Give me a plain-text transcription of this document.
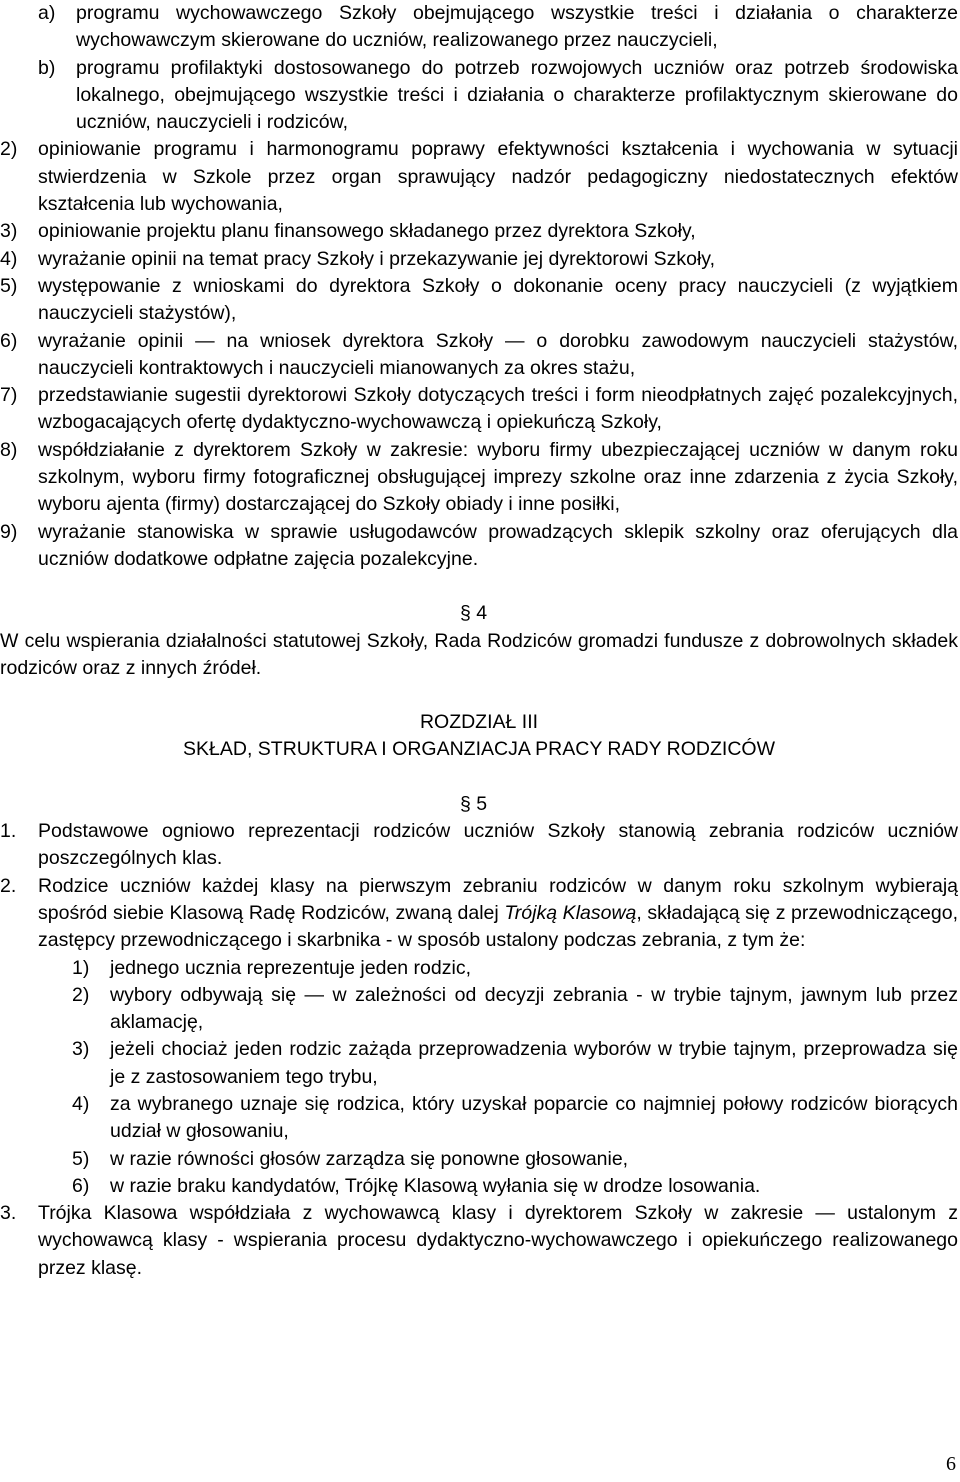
a) programu wychowawczego Szkoły obejmującego wszystkie treści i działania o charakterze wychowawczym skierowane do uczniów, realizowanego przez nauczycieli,

b) programu profilaktyki dostosowanego do potrzeb rozwojowych uczniów oraz potrzeb środowiska lokalnego, obejmującego wszystkie treści i działania o charakterze profilaktycznym skierowane do uczniów, nauczycieli i rodziców,

2) opiniowanie programu i harmonogramu poprawy efektywności kształcenia i wychowania w sytuacji stwierdzenia w Szkole przez organ sprawujący nadzór pedagogiczny niedostatecznych efektów kształcenia lub wychowania,

3) opiniowanie projektu planu finansowego składanego przez dyrektora Szkoły,

4) wyrażanie opinii na temat pracy Szkoły i przekazywanie jej dyrektorowi Szkoły,

5) występowanie z wnioskami do dyrektora Szkoły o dokonanie oceny pracy nauczycieli (z wyjątkiem nauczycieli stażystów),

6) wyrażanie opinii — na wniosek dyrektora Szkoły — o dorobku zawodowym nauczycieli stażystów, nauczycieli kontraktowych i nauczycieli mianowanych za okres stażu,

7) przedstawianie sugestii dyrektorowi Szkoły dotyczących treści i form nieodpłatnych zajęć pozalekcyjnych, wzbogacających ofertę dydaktyczno-wychowawczą i opiekuńczą Szkoły,

8) współdziałanie z dyrektorem Szkoły w zakresie: wyboru firmy ubezpieczającej uczniów w danym roku szkolnym, wyboru firmy fotograficznej obsługującej imprezy szkolne oraz inne zdarzenia z życia Szkoły, wyboru ajenta (firmy) dostarczającej do Szkoły obiady i inne posiłki,

9) wyrażanie stanowiska w sprawie usługodawców prowadzących sklepik szkolny oraz oferujących dla uczniów dodatkowe odpłatne zajęcia pozalekcyjne.

§ 4

W celu wspierania działalności statutowej Szkoły, Rada Rodziców gromadzi fundusze z dobrowolnych składek rodziców oraz z innych źródeł.

ROZDZIAŁ III

SKŁAD, STRUKTURA I ORGANZIACJA PRACY RADY RODZICÓW

§ 5

1. Podstawowe ogniowo reprezentacji rodziców uczniów Szkoły stanowią zebrania rodziców uczniów poszczególnych klas.

2. Rodzice uczniów każdej klasy na pierwszym zebraniu rodziców w danym roku szkolnym wybierają spośród siebie Klasową Radę Rodziców, zwaną dalej Trójką Klasową, składającą się z przewodniczącego, zastępcy przewodniczącego i skarbnika - w sposób ustalony podczas zebrania, z tym że:

1) jednego ucznia reprezentuje jeden rodzic,

2) wybory odbywają się — w zależności od decyzji zebrania - w trybie tajnym, jawnym lub przez aklamację,

3) jeżeli chociaż jeden rodzic zażąda przeprowadzenia wyborów w trybie tajnym, przeprowadza się je z zastosowaniem tego trybu,

4) za wybranego uznaje się rodzica, który uzyskał poparcie co najmniej połowy rodziców biorących udział w głosowaniu,

5) w razie równości głosów zarządza się ponowne głosowanie,

6) w razie braku kandydatów, Trójkę Klasową wyłania się w drodze losowania.

3. Trójka Klasowa współdziała z wychowawcą klasy i dyrektorem Szkoły w zakresie — ustalonym z wychowawcą klasy - wspierania procesu dydaktyczno-wychowawczego i opiekuńczego realizowanego przez klasę.

6
